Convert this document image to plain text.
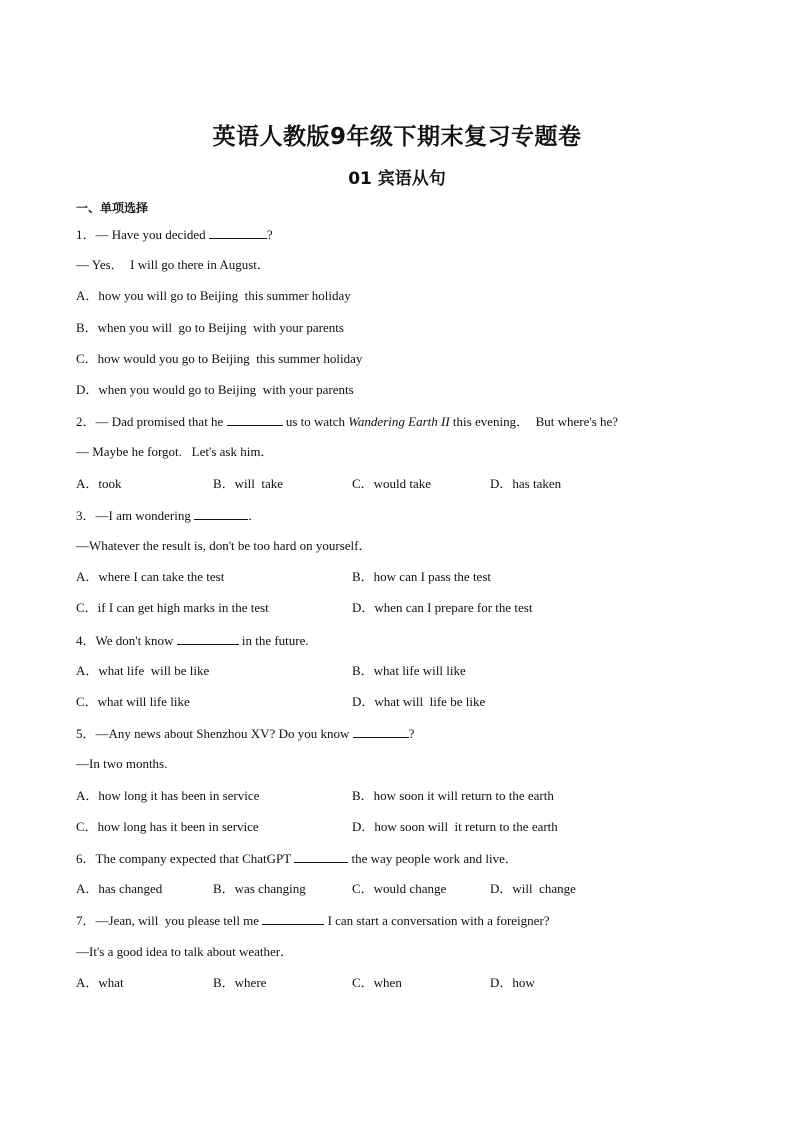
英语人教版9年级下期末复习专题卷
01 宾语从句
一、单项选择
1．— Have you decided	?
— Yes．  I will go there in August．
A．how you will go to Beijing  this summer holiday
B．when you will  go to Beijing  with your parents
C．how would you go to Beijing  this summer holiday
D．when you would go to Beijing  with your parents
2．— Dad promised that he	us to watch Wandering Earth II this evening．  But where's he?
— Maybe he forgot.   Let's ask him．
A．took	B．will  take	C．would take	D．has taken
3．—I am wondering	．
—Whatever the result is, don't be too hard on yourself．
A．where I can take the test	B．how can I pass the test
C．if I can get high marks in the test	D．when can I prepare for the test
4．We don't know	in the future.
A．what life  will be like	B．what life will like
C．what will life like	D．what will  life be like
5．—Any news about Shenzhou XV? Do you know	?
—In two months.
A．how long it has been in service	B．how soon it will return to the earth
C．how long has it been in service	D．how soon will  it return to the earth
6．The company expected that ChatGPT	the way people work and live．
A．has changed	B．was changing	C．would change	D．will  change
7．—Jean, will  you please tell me	I can start a conversation with a foreigner?
—It's a good idea to talk about weather．
A．what	B．where	C．when	D．how
